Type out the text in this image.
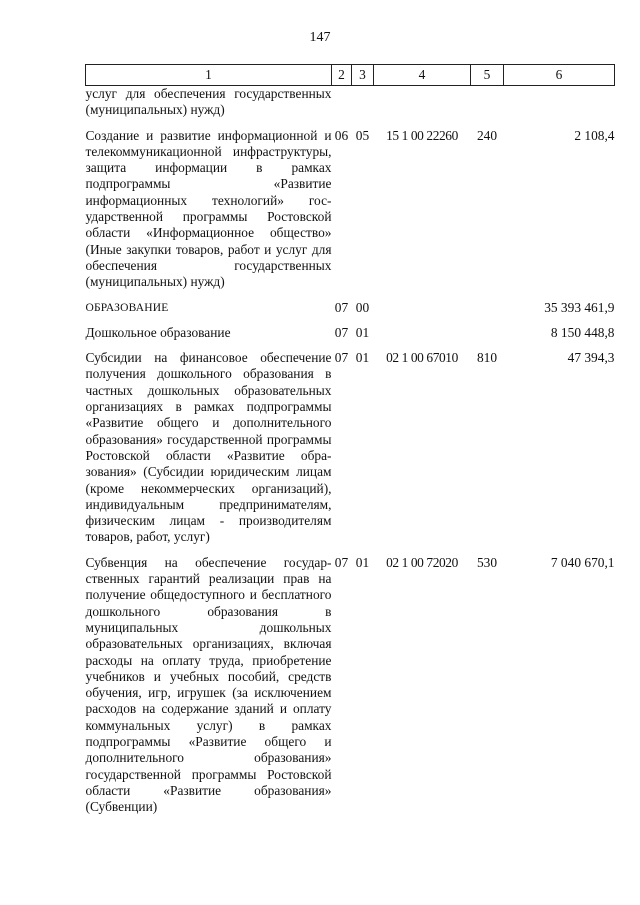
147
1	2	3	4	5	6

услуг для обеспечения государственных (муниципальных) нужд)					

Создание и развитие информационной и телекоммуникационной инфраструктуры, защита информации в рамках подпрограммы «Развитие информационных технологий» государственной программы Ростовской области «Информационное общество» (Иные закупки товаров, работ и услуг для обеспечения государственных (муниципальных) нужд)	06	05	15 1 00 22260	240	2 108,4

ОБРАЗОВАНИЕ	07	00			35 393 461,9

Дошкольное образование	07	01			8 150 448,8

Субсидии на финансовое обеспечение получения дошкольного образования в частных дошкольных образовательных организациях в рамках подпрограммы «Развитие общего и дополнительного образования» государственной программы Ростовской области «Развитие образования» (Субсидии юридическим лицам (кроме некоммерческих организаций), индивидуальным предпринимателям, физическим лицам - производителям товаров, работ, услуг)	07	01	02 1 00 67010	810	47 394,3

Субвенция на обеспечение государственных гарантий реализации прав на получение общедоступного и бесплатного дошкольного образования в муниципальных дошкольных образовательных организациях, включая расходы на оплату труда, приобретение учебников и учебных пособий, средств обучения, игр, игрушек (за исключением расходов на содержание зданий и оплату коммунальных услуг) в рамках подпрограммы «Развитие общего и дополнительного образования» государственной программы Ростовской области «Развитие образования» (Субвенции)	07	01	02 1 00 72020	530	7 040 670,1
